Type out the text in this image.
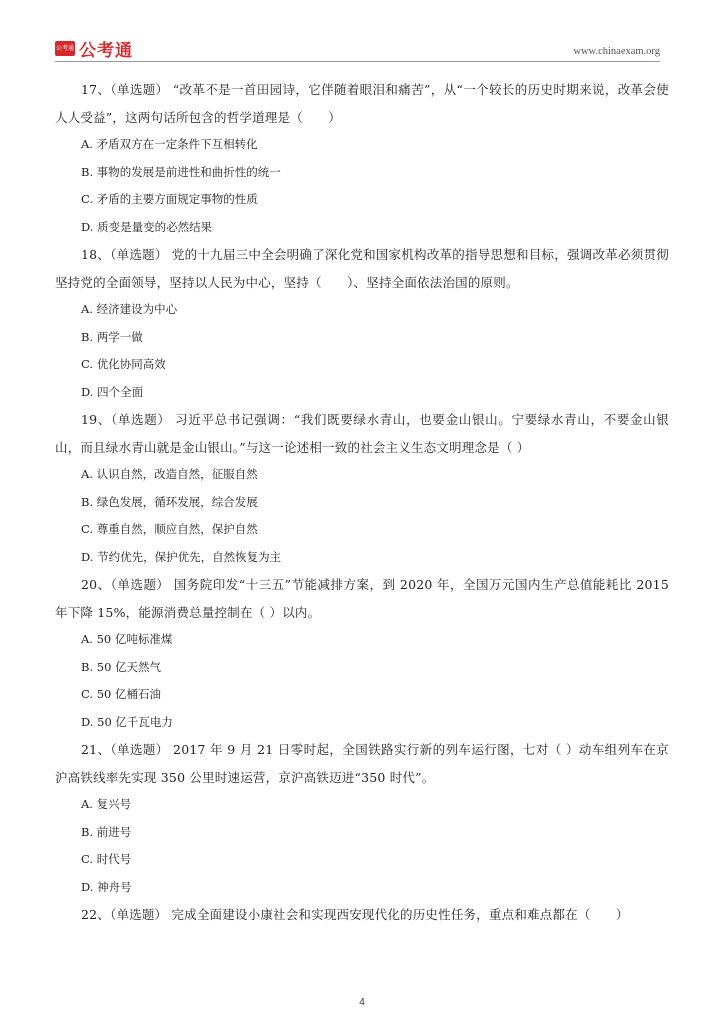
公考通 公考通	www.chinaexam.org

17、（单选题） “改革不是一首田园诗，它伴随着眼泪和痛苦”，从“一个较长的历史时期来说，改革会使人人受益”，这两句话所包含的哲学道理是（　　）

A. 矛盾双方在一定条件下互相转化

B. 事物的发展是前进性和曲折性的统一

C. 矛盾的主要方面规定事物的性质

D. 质变是量变的必然结果

18、（单选题） 党的十九届三中全会明确了深化党和国家机构改革的指导思想和目标，强调改革必须贯彻坚持党的全面领导，坚持以人民为中心，坚持（　　）、坚持全面依法治国的原则。

A. 经济建设为中心

B. 两学一做

C. 优化协同高效

D. 四个全面

19、（单选题） 习近平总书记强调：“我们既要绿水青山，也要金山银山。宁要绿水青山，不要金山银山，而且绿水青山就是金山银山。”与这一论述相一致的社会主义生态文明理念是（ ）

A. 认识自然，改造自然，征服自然

B. 绿色发展，循环发展，综合发展

C. 尊重自然，顺应自然，保护自然

D. 节约优先，保护优先，自然恢复为主

20、（单选题） 国务院印发“十三五”节能减排方案，到 2020 年，全国万元国内生产总值能耗比 2015 年下降 15%，能源消费总量控制在（ ）以内。

A. 50 亿吨标准煤

B. 50 亿天然气

C. 50 亿桶石油

D. 50 亿千瓦电力

21、（单选题） 2017 年 9 月 21 日零时起，全国铁路实行新的列车运行图，七对（ ）动车组列车在京沪高铁线率先实现 350 公里时速运营，京沪高铁迈进“350 时代”。

A. 复兴号

B. 前进号

C. 时代号

D. 神舟号

22、（单选题） 完成全面建设小康社会和实现西安现代化的历史性任务，重点和难点都在（　　）

4
